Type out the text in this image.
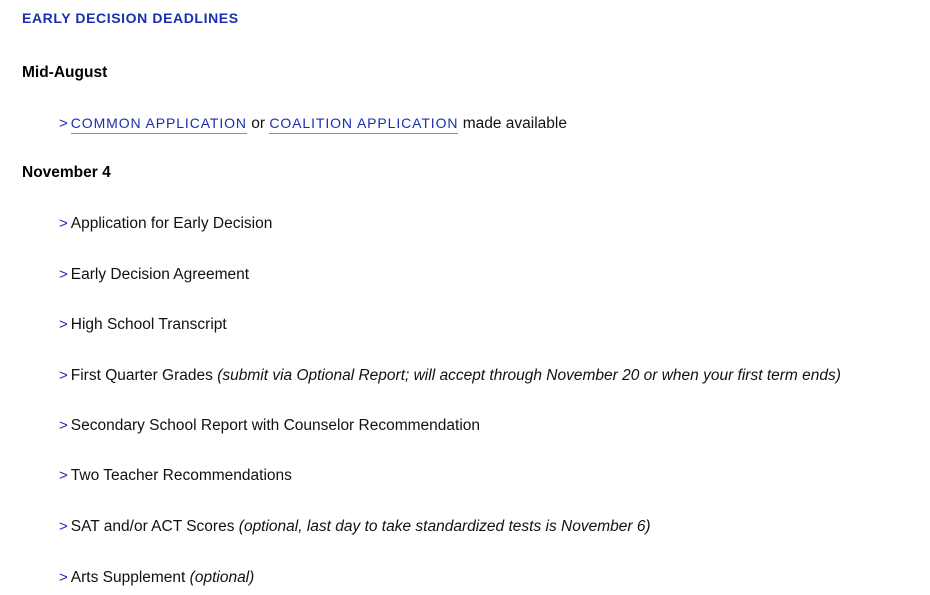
EARLY DECISION DEADLINES
Mid-August

> COMMON APPLICATION or COALITION APPLICATION made available

November 4

> Application for Early Decision

> Early Decision Agreement

> High School Transcript

> First Quarter Grades (submit via Optional Report; will accept through November 20 or when your first term ends)

> Secondary School Report with Counselor Recommendation

> Two Teacher Recommendations

> SAT and/or ACT Scores (optional, last day to take standardized tests is November 6)

> Arts Supplement (optional)
